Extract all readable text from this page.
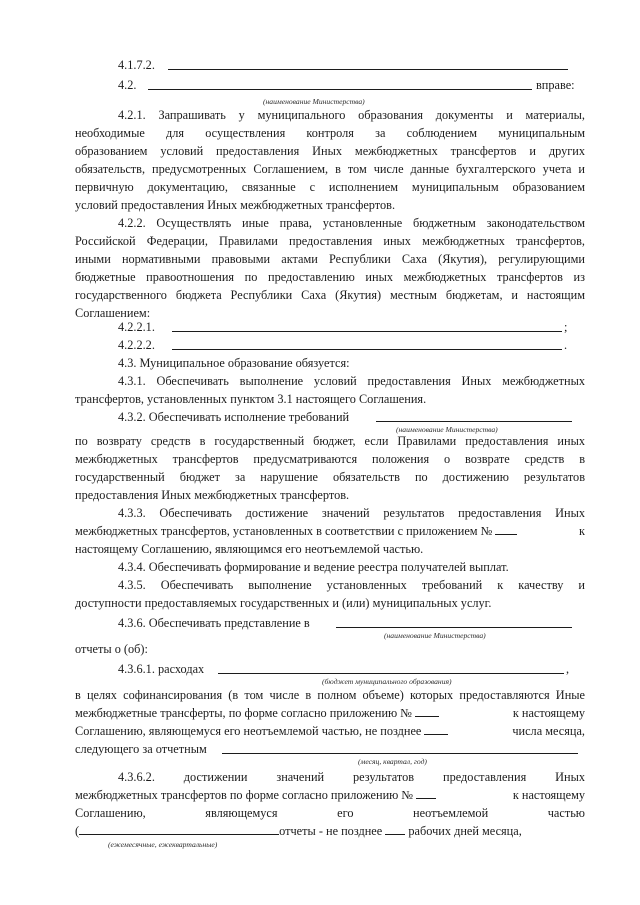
4.1.7.2.
4.2.	вправе:
(наименование Министерства)
4.2.1. Запрашивать у муниципального образования документы и материалы,
необходимые для осуществления контроля за соблюдением муниципальным
образованием условий предоставления Иных межбюджетных трансфертов и других
обязательств, предусмотренных Соглашением, в том числе данные бухгалтерского учета и
первичную документацию, связанные с исполнением муниципальным образованием
условий предоставления Иных межбюджетных трансфертов.
4.2.2. Осуществлять иные права, установленные бюджетным законодательством
Российской Федерации, Правилами предоставления иных межбюджетных трансфертов,
иными нормативными правовыми актами Республики Саха (Якутия), регулирующими
бюджетные правоотношения по предоставлению иных межбюджетных трансфертов из
государственного бюджета Республики Саха (Якутия) местным бюджетам, и настоящим
Соглашением:
4.2.2.1.	;
4.2.2.2.	.
4.3. Муниципальное образование обязуется:
4.3.1. Обеспечивать выполнение условий предоставления Иных межбюджетных
трансфертов, установленных пунктом 3.1 настоящего Соглашения.
4.3.2. Обеспечивать исполнение требований
(наименование Министерства)
по возврату средств в государственный бюджет, если Правилами предоставления иных
межбюджетных трансфертов предусматриваются положения о возврате средств в
государственный бюджет за нарушение обязательств по достижению результатов
предоставления Иных межбюджетных трансфертов.
4.3.3. Обеспечивать достижение значений результатов предоставления Иных
межбюджетных трансфертов, установленных в соответствии с приложением №	к
настоящему Соглашению, являющимся его неотъемлемой частью.
4.3.4. Обеспечивать формирование и ведение реестра получателей выплат.
4.3.5. Обеспечивать выполнение установленных требований к качеству и
доступности предоставляемых государственных и (или) муниципальных услуг.
4.3.6. Обеспечивать представление в
(наименование Министерства)
отчеты о (об):
4.3.6.1. расходах	,
(бюджет муниципального образования)
в целях софинансирования (в том числе в полном объеме) которых предоставляются Иные
межбюджетные трансферты, по форме согласно приложению №	к настоящему
Соглашению, являющемуся его неотъемлемой частью, не позднее	числа месяца,
следующего за отчетным
(месяц, квартал, год)
4.3.6.2. достижении значений результатов предоставления Иных
межбюджетных трансфертов по форме согласно приложению №	к настоящему
Соглашению, являющемуся его неотъемлемой частью
(	отчеты - не позднее рабочих дней месяца,
(ежемесячные, ежеквартальные)
